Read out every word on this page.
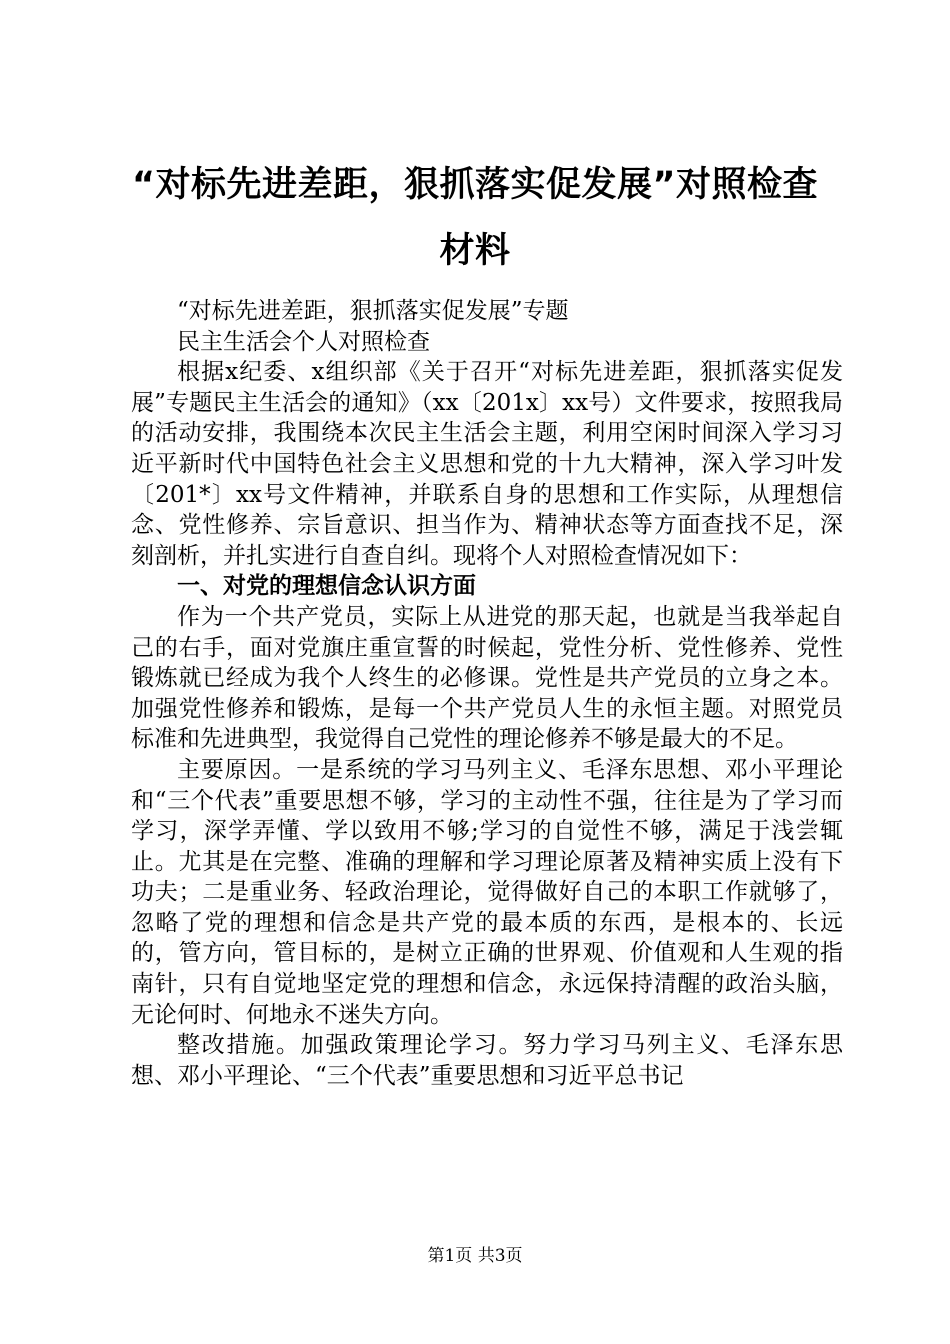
“对标先进差距，狠抓落实促发展”对照检查
材料

“对标先进差距，狠抓落实促发展”专题

民主生活会个人对照检查

根据x纪委、x组织部《关于召开“对标先进差距，狠抓落实促发展”专题民主生活会的通知》（xx〔201x〕xx号）文件要求，按照我局的活动安排，我围绕本次民主生活会主题，利用空闲时间深入学习习近平新时代中国特色社会主义思想和党的十九大精神，深入学习叶发〔201*〕xx号文件精神，并联系自身的思想和工作实际，从理想信念、党性修养、宗旨意识、担当作为、精神状态等方面查找不足，深刻剖析，并扎实进行自查自纠。现将个人对照检查情况如下：

一、对党的理想信念认识方面

作为一个共产党员，实际上从进党的那天起，也就是当我举起自己的右手，面对党旗庄重宣誓的时候起，党性分析、党性修养、党性锻炼就已经成为我个人终生的必修课。党性是共产党员的立身之本。加强党性修养和锻炼，是每一个共产党员人生的永恒主题。对照党员标准和先进典型，我觉得自己党性的理论修养不够是最大的不足。

主要原因。一是系统的学习马列主义、毛泽东思想、邓小平理论和“三个代表”重要思想不够，学习的主动性不强，往往是为了学习而学习，深学弄懂、学以致用不够;学习的自觉性不够，满足于浅尝辄止。尤其是在完整、准确的理解和学习理论原著及精神实质上没有下功夫；二是重业务、轻政治理论，觉得做好自己的本职工作就够了，忽略了党的理想和信念是共产党的最本质的东西，是根本的、长远的，管方向，管目标的，是树立正确的世界观、价值观和人生观的指南针，只有自觉地坚定党的理想和信念，永远保持清醒的政治头脑，无论何时、何地永不迷失方向。

整改措施。加强政策理论学习。努力学习马列主义、毛泽东思想、邓小平理论、“三个代表”重要思想和习近平总书记

第1页 共3页
